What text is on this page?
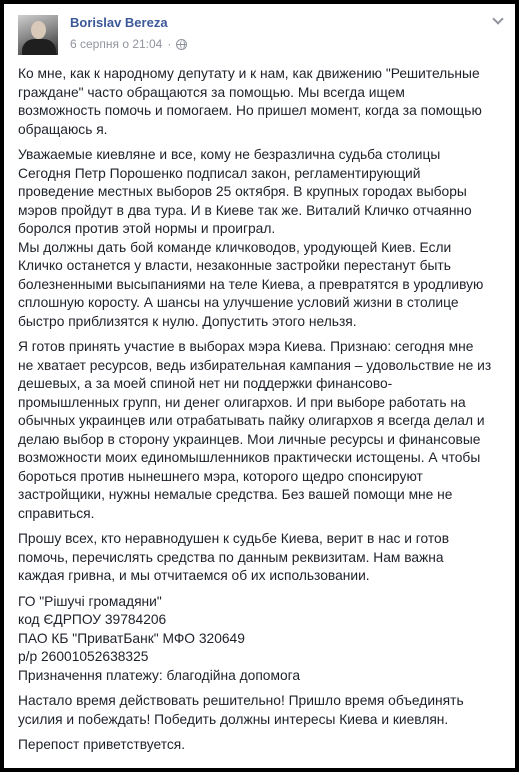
Borislav Bereza
6 серпня о 21:04 ·

Ко мне, как к народному депутату и к нам, как движению "Решительные
граждане" часто обращаются за помощью. Мы всегда ищем
возможность помочь и помогаем. Но пришел момент, когда за помощью
обращаюсь я.

Уважаемые киевляне и все, кому не безразлична судьба столицы
Сегодня Петр Порошенко подписал закон, регламентирующий
проведение местных выборов 25 октября. В крупных городах выборы
мэров пройдут в два тура. И в Киеве так же. Виталий Кличко отчаянно
боролся против этой нормы и проиграл.
Мы должны дать бой команде кличководов, уродующей Киев. Если
Кличко останется у власти, незаконные застройки перестанут быть
болезненными высыпаниями на теле Киева, а превратятся в уродливую
сплошную коросту. А шансы на улучшение условий жизни в столице
быстро приблизятся к нулю. Допустить этого нельзя.

Я готов принять участие в выборах мэра Киева. Признаю: сегодня мне
не хватает ресурсов, ведь избирательная кампания – удовольствие не из
дешевых, а за моей спиной нет ни поддержки финансово-
промышленных групп, ни денег олигархов. И при выборе работать на
обычных украинцев или отрабатывать пайку олигархов я всегда делал и
делаю выбор в сторону украинцев. Мои личные ресурсы и финансовые
возможности моих единомышленников практически истощены. А чтобы
бороться против нынешнего мэра, которого щедро спонсируют
застройщики, нужны немалые средства. Без вашей помощи мне не
справиться.

Прошу всех, кто неравнодушен к судьбе Киева, верит в нас и готов
помочь, перечислять средства по данным реквизитам. Нам важна
каждая гривна, и мы отчитаемся об их использовании.

ГО "Рішучі громадяни"
код ЄДРПОУ 39784206
ПАО КБ "ПриватБанк" МФО 320649
р/р 26001052638325
Призначення платежу: благодійна допомога

Настало время действовать решительно! Пришло время объединять
усилия и побеждать! Победить должны интересы Киева и киевлян.

Перепост приветствуется.
